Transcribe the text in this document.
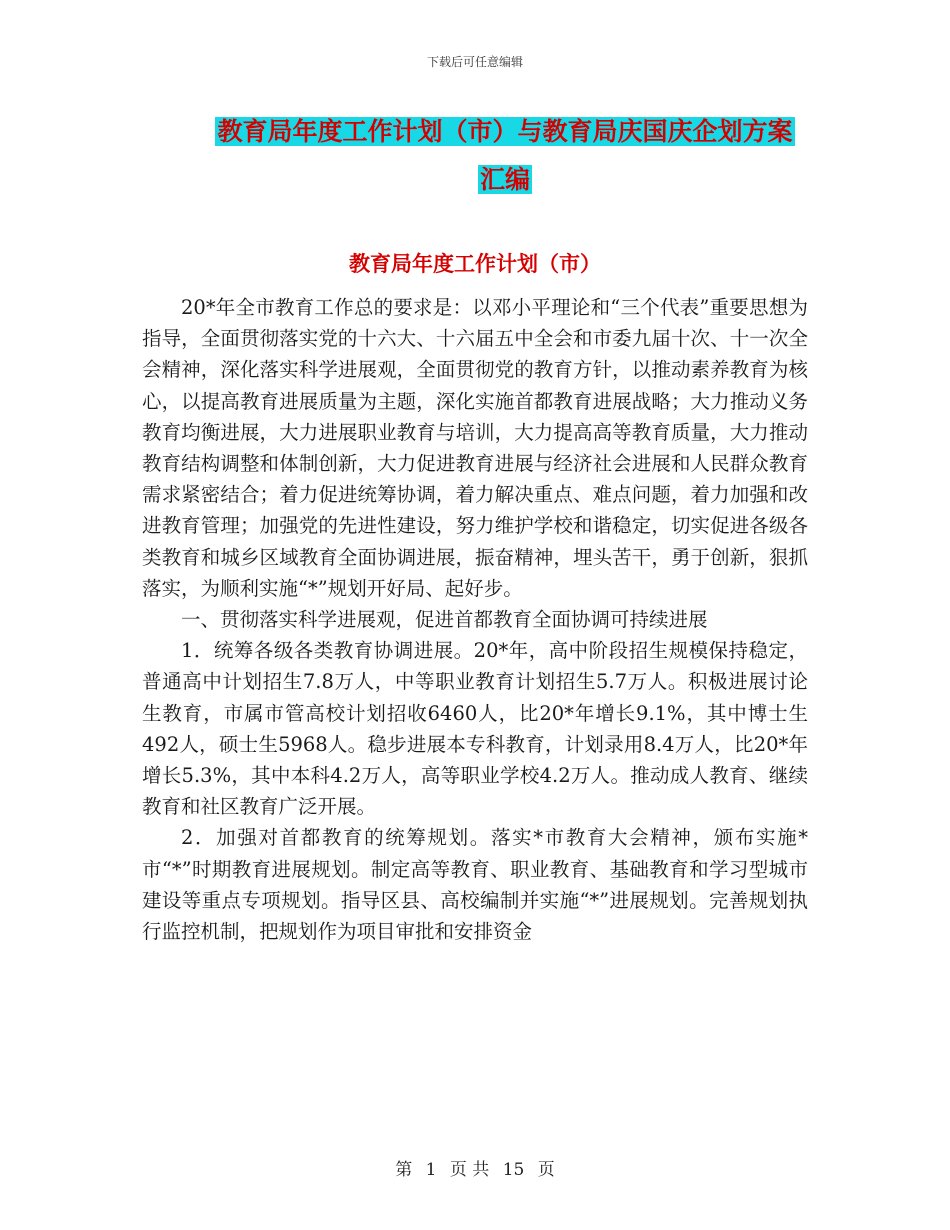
下载后可任意编辑
教育局年度工作计划（市）与教育局庆国庆企划方案
汇编
教育局年度工作计划（市）

20*年全市教育工作总的要求是：以邓小平理论和“三个代表”重要思想为指导，全面贯彻落实党的十六大、十六届五中全会和市委九届十次、十一次全会精神，深化落实科学进展观，全面贯彻党的教育方针，以推动素养教育为核心，以提高教育进展质量为主题，深化实施首都教育进展战略；大力推动义务教育均衡进展，大力进展职业教育与培训，大力提高高等教育质量，大力推动教育结构调整和体制创新，大力促进教育进展与经济社会进展和人民群众教育需求紧密结合；着力促进统筹协调，着力解决重点、难点问题，着力加强和改进教育管理；加强党的先进性建设，努力维护学校和谐稳定，切实促进各级各类教育和城乡区域教育全面协调进展，振奋精神，埋头苦干，勇于创新，狠抓落实，为顺利实施“*”规划开好局、起好步。

一、贯彻落实科学进展观，促进首都教育全面协调可持续进展

1．统筹各级各类教育协调进展。20*年，高中阶段招生规模保持稳定，普通高中计划招生7.8万人，中等职业教育计划招生5.7万人。积极进展讨论生教育，市属市管高校计划招收6460人，比20*年增长9.1%，其中博士生492人，硕士生5968人。稳步进展本专科教育，计划录用8.4万人，比20*年增长5.3%，其中本科4.2万人，高等职业学校4.2万人。推动成人教育、继续教育和社区教育广泛开展。

2．加强对首都教育的统筹规划。落实*市教育大会精神，颁布实施*市“*”时期教育进展规划。制定高等教育、职业教育、基础教育和学习型城市建设等重点专项规划。指导区县、高校编制并实施“*”进展规划。完善规划执行监控机制，把规划作为项目审批和安排资金

第 1 页 共 15 页
